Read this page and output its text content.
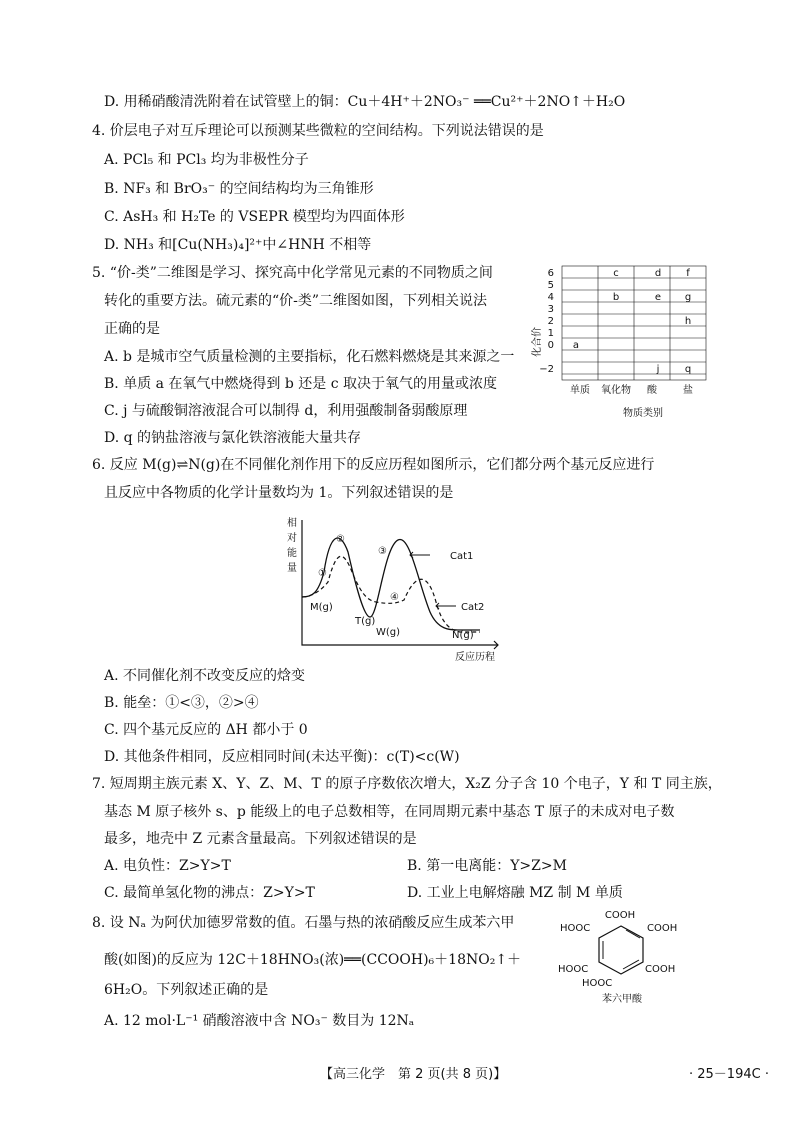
D. 用稀硝酸清洗附着在试管壁上的铜：Cu＋4H⁺＋2NO₃⁻ ══Cu²⁺＋2NO↑＋H₂O
4. 价层电子对互斥理论可以预测某些微粒的空间结构。下列说法错误的是
A. PCl₅ 和 PCl₃ 均为非极性分子
B. NF₃ 和 BrO₃⁻ 的空间结构均为三角锥形
C. AsH₃ 和 H₂Te 的 VSEPR 模型均为四面体形
D. NH₃ 和[Cu(NH₃)₄]²⁺中∠HNH 不相等
5. “价-类”二维图是学习、探究高中化学常见元素的不同物质之间
转化的重要方法。硫元素的“价-类”二维图如图，下列相关说法
正确的是
A. b 是城市空气质量检测的主要指标，化石燃料燃烧是其来源之一
B. 单质 a 在氧气中燃烧得到 b 还是 c 取决于氧气的用量或浓度
C. j 与硫酸铜溶液混合可以制得 d，利用强酸制备弱酸原理
D. q 的钠盐溶液与氯化铁溶液能大量共存
化合价
6
5
4
3
2
1
0
−2
a
b
c	d
e
f
g
h
j	q
单质 氧化物 酸	盐
物质类别
6. 反应 M(g)⇌N(g)在不同催化剂作用下的反应历程如图所示，它们都分两个基元反应进行
且反应中各物质的化学计量数均为 1。下列叙述错误的是
相
对
能
量
反应历程
Cat1
Cat2
M(g)
T(g)
W(g)	N(g)
①
②
③
④
A. 不同催化剂不改变反应的焓变
B. 能垒：①<③，②>④
C. 四个基元反应的 ΔH 都小于 0
D. 其他条件相同，反应相同时间(未达平衡)：c(T)<c(W)
7. 短周期主族元素 X、Y、Z、M、T 的原子序数依次增大，X₂Z 分子含 10 个电子，Y 和 T 同主族，
基态 M 原子核外 s、p 能级上的电子总数相等，在同周期元素中基态 T 原子的未成对电子数
最多，地壳中 Z 元素含量最高。下列叙述错误的是
A. 电负性：Z>Y>T	B. 第一电离能：Y>Z>M
C. 最简单氢化物的沸点：Z>Y>T	D. 工业上电解熔融 MZ 制 M 单质
8. 设 Nₐ 为阿伏加德罗常数的值。石墨与热的浓硝酸反应生成苯六甲
酸(如图)的反应为 12C＋18HNO₃(浓)══(CCOOH)₆＋18NO₂↑＋
6H₂O。下列叙述正确的是
A. 12 mol·L⁻¹ 硝酸溶液中含 NO₃⁻ 数目为 12Nₐ
COOH
HOOC	COOH
HOOC
HOOC
COOH
苯六甲酸
【高三化学　第 2 页(共 8 页)】	· 25－194C ·
